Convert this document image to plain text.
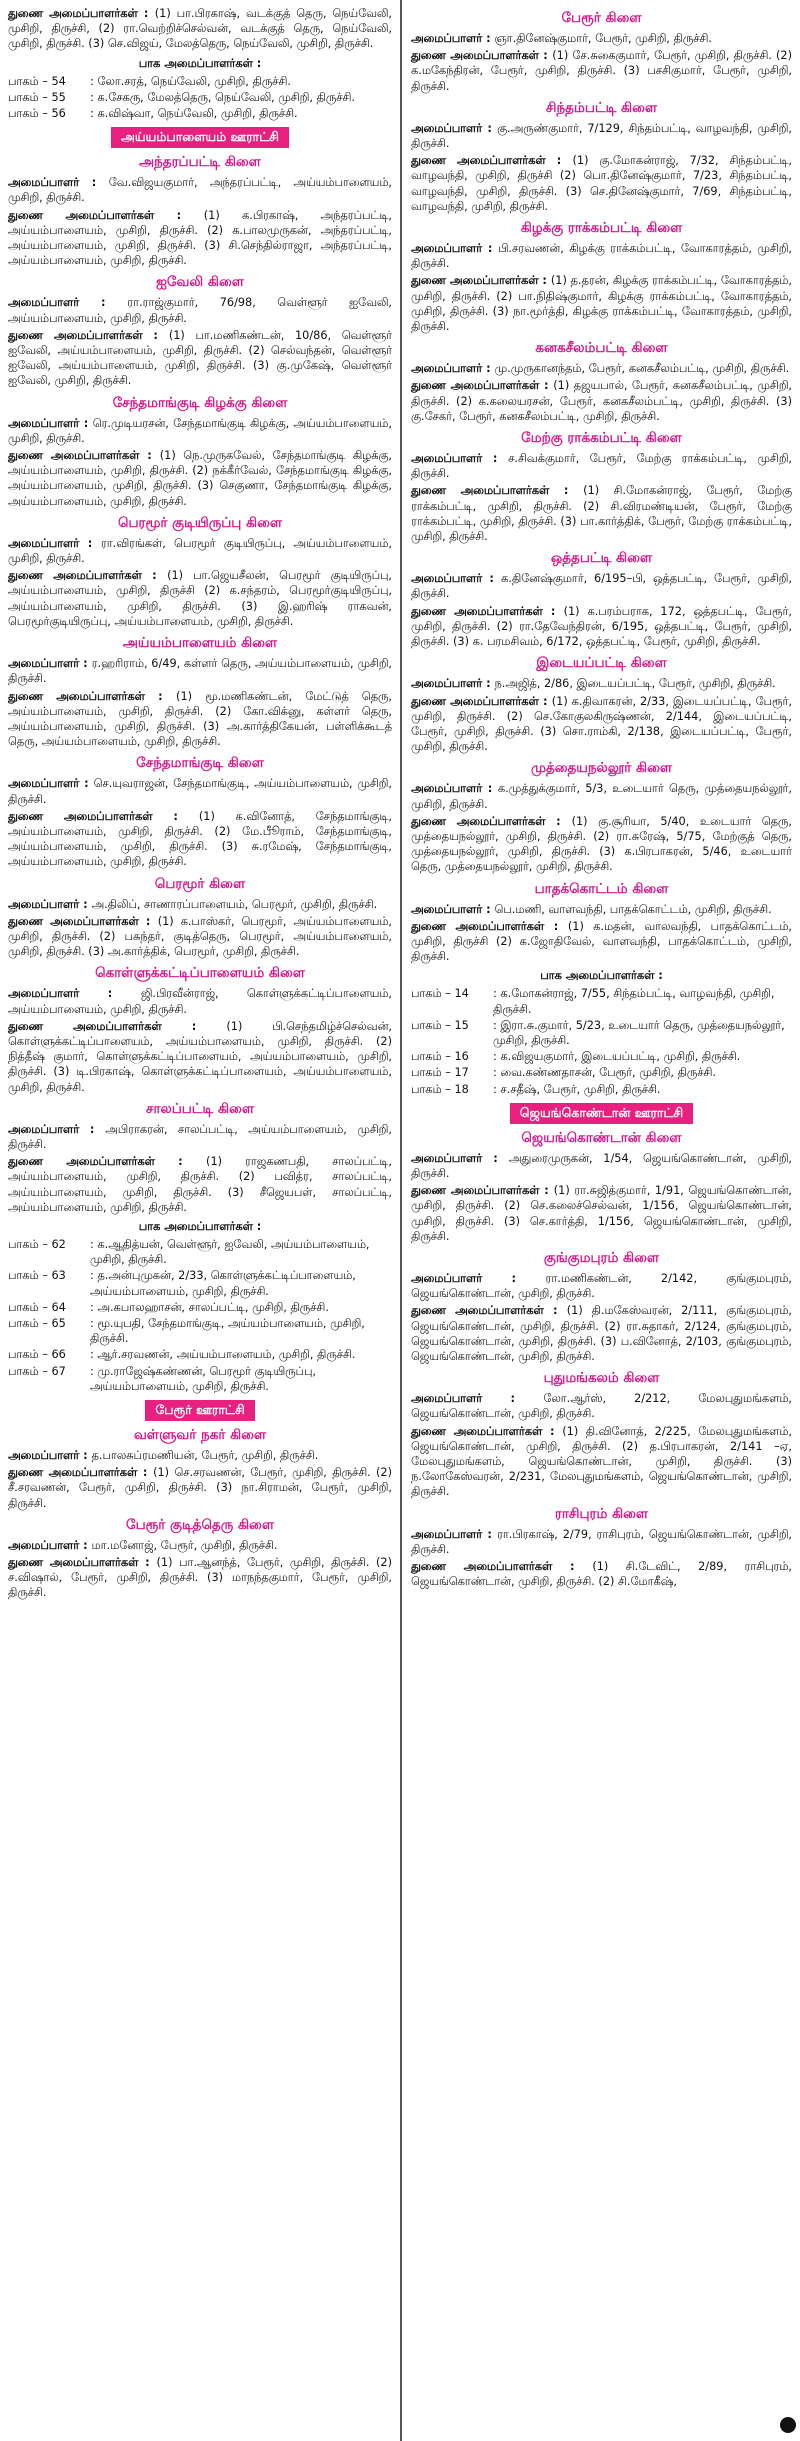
துணை அமைப்பாளர்கள் : (1) பா.பிரகாஷ், வடக்குத் தெரு, நெய்வேலி, முசிறி, திருச்சி, (2) ரா.வெற்றிச்செல்வன், வடக்குத் தெரு, நெய்வேலி, முசிறி, திருச்சி. (3) செ.விஜய், மேலத்தெரு, நெய்வேலி, முசிறி, திருச்சி.
பாக அமைப்பாளர்கள் :
பாகம் – 54	: லோ.சரத், நெய்வேலி, முசிறி, திருச்சி.
பாகம் – 55	: க.சேகரு, மேலத்தெரு, நெய்வேலி, முசிறி, திருச்சி.
பாகம் – 56	: க.விஷ்வா, நெய்வேலி, முசிறி, திருச்சி.
அய்யம்பாளையம் ஊராட்சி
அந்தரப்பட்டி கிளை
அமைப்பாளர் : வே.விஜயகுமார், அந்தரப்பட்டி, அய்யம்பாளையம், முசிறி, திருச்சி.
துணை அமைப்பாளர்கள் : (1) க.பிரகாஷ், அந்தரப்பட்டி, அய்யம்பாளையம், முசிறி, திருச்சி. (2) க.பாலமுருகன், அந்தரப்பட்டி, அய்யம்பாளையம், முசிறி, திருச்சி. (3) சி.செந்தில்ராஜா, அந்தரப்பட்டி, அய்யம்பாளையம், முசிறி, திருச்சி.
ஐவேலி கிளை
அமைப்பாளர் : ரா.ராஜ்குமார், 76/98, வெள்ளூர் ஐவேலி, அய்யம்பாளையம், முசிறி, திருச்சி.
துணை அமைப்பாளர்கள் : (1) பா.மணிகண்டன், 10/86, வெள்ளூர் ஐவேலி, அய்யம்பாளையம், முசிறி, திருச்சி. (2) செல்வந்தன், வெள்ளூர் ஐவேலி, அய்யம்பாளையம், முசிறி, திருச்சி. (3) கு.முகேஷ், வெள்ளூர் ஐவேலி, முசிறி, திருச்சி.
சேந்தமாங்குடி கிழக்கு கிளை
அமைப்பாளர் : ரெ.முடியரசன், சேந்தமாங்குடி கிழக்கு, அய்யம்பாளையம், முசிறி, திருச்சி.
துணை அமைப்பாளர்கள் : (1) நெ.முருகவேல், சேந்தமாங்குடி கிழக்கு, அய்யம்பாளையம், முசிறி, திருச்சி. (2) நக்கீர்வேல், சேந்தமாங்குடி கிழக்கு, அய்யம்பாளையம், முசிறி, திருச்சி. (3) செகுணா, சேந்தமாங்குடி கிழக்கு, அய்யம்பாளையம், முசிறி, திருச்சி.
பெரமூர் குடியிருப்பு கிளை
அமைப்பாளர் : ரா.விரங்கள், பெரமூர் குடியிருப்பு, அய்யம்பாளையம், முசிறி, திருச்சி.
துணை அமைப்பாளர்கள் : (1) பா.ஜெயசீலன், பெரமூர் குடியிருப்பு, அய்யம்பாளையம், முசிறி, திருச்சி (2) க.சந்தரம், பெரமூர்குடியிருப்பு, அய்யம்பாளையம், முசிறி, திருச்சி. (3) இ.ஹரிஷ் ராகவன், பெரமூர்குடியிருப்பு, அய்யம்பாளையம், முசிறி, திருச்சி.
அய்யம்பாளையம் கிளை
அமைப்பாளர் : ர.ஹரிராம், 6/49, கள்ளர் தெரு, அய்யம்பாளையம், முசிறி, திருச்சி.
துணை அமைப்பாளர்கள் : (1) மூ.மணிகண்டன், மேட்டுத் தெரு, அய்யம்பாளையம், முசிறி, திருச்சி. (2) கோ.விக்னு, கள்ளர் தெரு, அய்யம்பாளையம், முசிறி, திருச்சி. (3) அ.கார்த்திகேயன், பள்ளிக்கூடத் தெரு, அய்யம்பாளையம், முசிறி, திருச்சி.
சேந்தமாங்குடி கிளை
அமைப்பாளர் : செ.யுவராஜன், சேந்தமாங்குடி, அய்யம்பாளையம், முசிறி, திருச்சி.
துணை அமைப்பாளர்கள் : (1) க.வினோத், சேந்தமாங்குடி, அய்யம்பாளையம், முசிறி, திருச்சி. (2) மே.பூீராம், சேந்தமாங்குடி, அய்யம்பாளையம், முசிறி, திருச்சி. (3) சு.ரமேஷ், சேந்தமாங்குடி, அய்யம்பாளையம், முசிறி, திருச்சி.
பெரமூர் கிளை
அமைப்பாளர் : அ.திலிப், சாணாரப்பாளையம், பெரமூர், முசிறி, திருச்சி.
துணை அமைப்பாளர்கள் : (1) க.பாஸ்கர், பெரமூர், அய்யம்பாளையம், முசிறி, திருச்சி. (2) பசுந்தர், குடித்தெரு, பெரமூர், அய்யம்பாளையம், முசிறி, திருச்சி. (3) அ.கார்த்திக், பெரமூர், முசிறி, திருச்சி.
கொள்ளுக்கட்டிப்பாளையம் கிளை
அமைப்பாளர் : ஜி.பிரவீன்ராஜ், கொள்ளுக்கட்டிப்பாளையம், அய்யம்பாளையம், முசிறி, திருச்சி.
துணை அமைப்பாளர்கள் : (1) பி.செந்தமிழ்ச்செல்வன், கொள்ளுக்கட்டிப்பாளையம், அய்யம்பாளையம், முசிறி, திருச்சி. (2) நித்தீஷ் குமார், கொள்ளுக்கட்டிப்பாளையம், அய்யம்பாளையம், முசிறி, திருச்சி. (3) டி.பிரகாஷ், கொள்ளுக்கட்டிப்பாளையம், அய்யம்பாளையம், முசிறி, திருச்சி.
சாலப்பட்டி கிளை
அமைப்பாளர் : அபிராகரன், சாலப்பட்டி, அய்யம்பாளையம், முசிறி, திருச்சி.
துணை அமைப்பாளர்கள் : (1) ராஜகணபதி, சாலப்பட்டி, அய்யம்பாளையம், முசிறி, திருச்சி. (2) பவித்ர, சாலப்பட்டி, அய்யம்பாளையம், முசிறி, திருச்சி. (3) சீஜெயபள், சாலப்பட்டி, அய்யம்பாளையம், முசிறி, திருச்சி.
பாக அமைப்பாளர்கள் :
பாகம் – 62	: க.ஆதித்யன், வெள்ளூர், ஐவேலி, அய்யம்பாளையம், முசிறி, திருச்சி.
பாகம் – 63	: த.அன்புமுகன், 2/33, கொள்ளுக்கட்டிப்பாளையம், அய்யம்பாளையம், முசிறி, திருச்சி.
பாகம் – 64	: அ.கபாலஹாசன், சாலப்பட்டி, முசிறி, திருச்சி.
பாகம் – 65	: மூ.யுபதி, சேந்தமாங்குடி, அய்யம்பாளையம், முசிறி, திருச்சி.
பாகம் – 66	: ஆர்.சரவணன், அய்யம்பாளையம், முசிறி, திருச்சி.
பாகம் – 67	: மு.ராஜேஷ்கண்ணன், பெரமூர் குடியிருப்பு, அய்யம்பாளையம், முசிறி, திருச்சி.
பேரூர் ஊராட்சி
வள்ளுவர் நகர் கிளை
அமைப்பாளர் : த.பாலசுப்ரமணியன், பேரூர், முசிறி, திருச்சி.
துணை அமைப்பாளர்கள் : (1) செ.சரவணன், பேரூர், முசிறி, திருச்சி. (2) சீ.சரவணன், பேரூர், முசிறி, திருச்சி. (3) நா.சிராமன், பேரூர், முசிறி, திருச்சி.
பேரூர் குடித்தெரு கிளை
அமைப்பாளர் : மா.மனோஜ், பேரூர், முசிறி, திருச்சி.
துணை அமைப்பாளர்கள் : (1) பா.ஆனந்த், பேரூர், முசிறி, திருச்சி. (2) ச.விஷால், பேரூர், முசிறி, திருச்சி. (3) மாநந்தகுமார், பேரூர், முசிறி, திருச்சி.
பேரூர் கிளை
அமைப்பாளர் : ஞா.தினேஷ்குமார், பேரூர், முசிறி, திருச்சி.
துணை அமைப்பாளர்கள் : (1) சே.சுகைகுமார், பேரூர், முசிறி, திருச்சி. (2) க.மகேந்திரன், பேரூர், முசிறி, திருச்சி. (3) பசசிகுமார், பேரூர், முசிறி, திருச்சி.
சிந்தம்பட்டி கிளை
அமைப்பாளர் : கு.அருண்குமார், 7/129, சிந்தம்பட்டி, வாழவந்தி, முசிறி, திருச்சி.
துணை அமைப்பாளர்கள் : (1) கு.மோகன்ராஜ், 7/32, சிந்தம்பட்டி, வாழவந்தி, முசிறி, திருச்சி (2) பொ.தினேஷ்குமார், 7/23, சிந்தம்பட்டி, வாழவந்தி, முசிறி, திருச்சி. (3) செ.தினேஷ்குமார், 7/69, சிந்தம்பட்டி, வாழவந்தி, முசிறி, திருச்சி.
கிழக்கு ராக்கம்பட்டி கிளை
அமைப்பாளர் : பி.சரவணன், கிழக்கு ராக்கம்பட்டி, வோகாரத்தம், முசிறி, திருச்சி.
துணை அமைப்பாளர்கள் : (1) த.தரன், கிழக்கு ராக்கம்பட்டி, வோகாரத்தம், முசிறி, திருச்சி. (2) பா.நிதிஷ்குமார், கிழக்கு ராக்கம்பட்டி, வோகாரத்தம், முசிறி, திருச்சி. (3) நா.மூர்த்தி, கிழக்கு ராக்கம்பட்டி, வோகாரத்தம், முசிறி, திருச்சி.
கனகசீலம்பட்டி கிளை
அமைப்பாளர் : மு.முருகானந்தம், பேரூர், கனகசீலம்பட்டி, முசிறி, திருச்சி.
துணை அமைப்பாளர்கள் : (1) தஜயபால், பேரூர், கனகசீலம்பட்டி, முசிறி, திருச்சி. (2) க.கலையரசன், பேரூர், கனகசீலம்பட்டி, முசிறி, திருச்சி. (3) கு.சேகர், பேரூர், கனகசீலம்பட்டி, முசிறி, திருச்சி.
மேற்கு ராக்கம்பட்டி கிளை
அமைப்பாளர் : ச.சிவக்குமார், பேரூர், மேற்கு ராக்கம்பட்டி, முசிறி, திருச்சி.
துணை அமைப்பாளர்கள் : (1) சி.மோகன்ராஜ், பேரூர், மேற்கு ராக்கம்பட்டி, முசிறி, திருச்சி. (2) சி.விரமண்டியன், பேரூர், மேற்கு ராக்கம்பட்டி, முசிறி, திருச்சி. (3) பா.கார்த்திக், பேரூர், மேற்கு ராக்கம்பட்டி, முசிறி, திருச்சி.
ஒத்தபட்டி கிளை
அமைப்பாளர் : க.தினேஷ்குமார், 6/195–பி, ஒத்தபட்டி, பேரூர், முசிறி, திருச்சி.
துணை அமைப்பாளர்கள் : (1) க.பரம்பராக, 172, ஒத்தபட்டி, பேரூர், முசிறி, திருச்சி. (2) ரா.தேவேந்திரன், 6/195, ஒத்தபட்டி, பேரூர், முசிறி, திருச்சி. (3) க. பரமசிவம், 6/172, ஒத்தபட்டி, பேரூர், முசிறி, திருச்சி.
இடையப்பட்டி கிளை
அமைப்பாளர் : ந.அஜித், 2/86, இடையப்பட்டி, பேரூர், முசிறி, திருச்சி.
துணை அமைப்பாளர்கள் : (1) க.திவாகரன், 2/33, இடையப்பட்டி, பேரூர், முசிறி, திருச்சி. (2) செ.கோகுலகிருஷ்ணன், 2/144, இடையப்பட்டி, பேரூர், முசிறி, திருச்சி. (3) சொ.ராம்கி, 2/138, இடையப்பட்டி, பேரூர், முசிறி, திருச்சி.
முத்தையநல்லூர் கிளை
அமைப்பாளர் : க.முத்துக்குமார், 5/3, உடையார் தெரு, முத்தையநல்லூர், முசிறி, திருச்சி.
துணை அமைப்பாளர்கள் : (1) கு.சூரியா, 5/40, உடையார் தெரு, முத்தையநல்லூர், முசிறி, திருச்சி. (2) ரா.சுரேஷ், 5/75, மேற்குத் தெரு, முத்தையநல்லூர், முசிறி, திருச்சி. (3) க.பிரபாகரன், 5/46, உடையார் தெரு, முத்தையநல்லூர், முசிறி, திருச்சி.
பாதக்கொட்டம் கிளை
அமைப்பாளர் : பெ.மணி, வாளவந்தி, பாதக்கொட்டம், முசிறி, திருச்சி.
துணை அமைப்பாளர்கள் : (1) க.மதன், வாலவந்தி, பாதக்கொட்டம், முசிறி, திருச்சி (2) க.ஜோதிவேல், வாளவந்தி, பாதக்கொட்டம், முசிறி, திருச்சி.
பாக அமைப்பாளர்கள் :
பாகம் – 14	: க.மோகன்ராஜ், 7/55, சிந்தம்பட்டி, வாழவந்தி, முசிறி, திருச்சி.
பாகம் – 15	: இரா.சு.குமார், 5/23, உடையார் தெரு, முத்தையநல்லூர், முசிறி, திருச்சி.
பாகம் – 16	: க.விஜயகுமார், இடையப்பட்டி, முசிறி, திருச்சி.
பாகம் – 17	: வை.கண்ணதாசன், பேரூர், முசிறி, திருச்சி.
பாகம் – 18	: ச.சதீஷ், பேரூர், முசிறி, திருச்சி.
ஜெயங்கொண்டான் ஊராட்சி
ஜெயங்கொண்டான் கிளை
அமைப்பாளர் : அதுரைமுருகன், 1/54, ஜெயங்கொண்டான், முசிறி, திருச்சி.
துணை அமைப்பாளர்கள் : (1) ரா.சுஜித்குமார், 1/91, ஜெயங்கொண்டான், முசிறி, திருச்சி. (2) செ.கலைச்செல்வன், 1/156, ஜெயங்கொண்டான், முசிறி, திருச்சி. (3) செ.கார்த்தி, 1/156, ஜெயங்கொண்டான், முசிறி, திருச்சி.
குங்குமபுரம் கிளை
அமைப்பாளர் : ரா.மணிகண்டன், 2/142, குங்குமபுரம், ஜெயங்கொண்டான், முசிறி, திருச்சி.
துணை அமைப்பாளர்கள் : (1) தி.மகேஸ்வரன், 2/111, குங்குமபுரம், ஜெயங்கொண்டான், முசிறி, திருச்சி. (2) ரா.சுதாகர், 2/124, குங்குமபுரம், ஜெயங்கொண்டான், முசிறி, திருச்சி. (3) ப.வினோத், 2/103, குங்குமபுரம், ஜெயங்கொண்டான், முசிறி, திருச்சி.
புதுமங்கலம் கிளை
அமைப்பாளர் : லோ.ஆர்ஸ், 2/212, மேலபுதுமங்களம், ஜெயங்கொண்டான், முசிறி, திருச்சி.
துணை அமைப்பாளர்கள் : (1) தி.வினோத், 2/225, மேலபுதுமங்களம், ஜெயங்கொண்டான், முசிறி, திருச்சி. (2) த.பிரபாகரன், 2/141 –ஏ, மேலபுதுமங்களம், ஜெயங்கொண்டான், முசிறி, திருச்சி. (3) ந.லோகேஸ்வரன், 2/231, மேலபுதுமங்களம், ஜெயங்கொண்டான், முசிறி, திருச்சி.
ராசிபுரம் கிளை
அமைப்பாளர் : ரா.பிரகாஷ், 2/79, ராசிபுரம், ஜெயங்கொண்டான், முசிறி, திருச்சி.
துணை அமைப்பாளர்கள் : (1) சி.டேவிட், 2/89, ராசிபுரம், ஜெயங்கொண்டான், முசிறி, திருச்சி. (2) சி.மோகீஷ்,
